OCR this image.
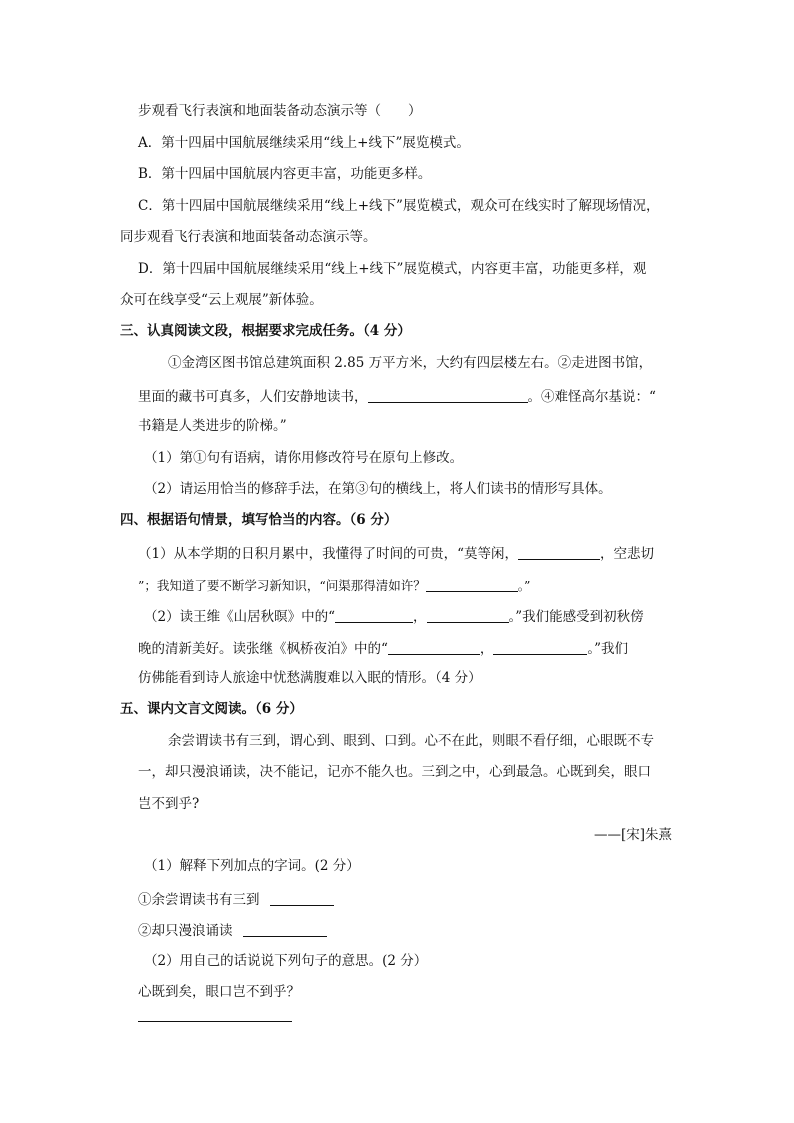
步观看飞行表演和地面装备动态演示等（　　）
A．第十四届中国航展继续采用“线上+线下”展览模式。
B．第十四届中国航展内容更丰富，功能更多样。
C．第十四届中国航展继续采用“线上+线下”展览模式，观众可在线实时了解现场情况，
同步观看飞行表演和地面装备动态演示等。
D．第十四届中国航展继续采用“线上+线下”展览模式，内容更丰富，功能更多样，观
众可在线享受“云上观展”新体验。
三、认真阅读文段，根据要求完成任务。（4 分）
①金湾区图书馆总建筑面积 2.85 万平方米，大约有四层楼左右。②走进图书馆，
里面的藏书可真多，人们安静地读书，	。④难怪高尔基说：“
书籍是人类进步的阶梯。”
（1）第①句有语病，请你用修改符号在原句上修改。
（2）请运用恰当的修辞手法，在第③句的横线上，将人们读书的情形写具体。
四、根据语句情景，填写恰当的内容。（6 分）
（1）从本学期的日积月累中，我懂得了时间的可贵，“莫等闲，	，空悲切
”；我知道了要不断学习新知识，“问渠那得清如许？	。”
（2）读王维《山居秋暝》中的“	，	。”我们能感受到初秋傍
晚的清新美好。读张继《枫桥夜泊》中的“	，	。”我们
仿佛能看到诗人旅途中忧愁满腹难以入眠的情形。（4 分）
五、课内文言文阅读。（6 分）
余尝谓读书有三到，谓心到、眼到、口到。心不在此，则眼不看仔细，心眼既不专
一，却只漫浪诵读，决不能记，记亦不能久也。三到之中，心到最急。心既到矣，眼口
岂不到乎?
——[宋]朱熹
（1）解释下列加点的字词。(2 分）
①余尝谓读书有三到
②却只漫浪诵读
（2）用自己的话说说下列句子的意思。(2 分）
心既到矣，眼口岂不到乎？
